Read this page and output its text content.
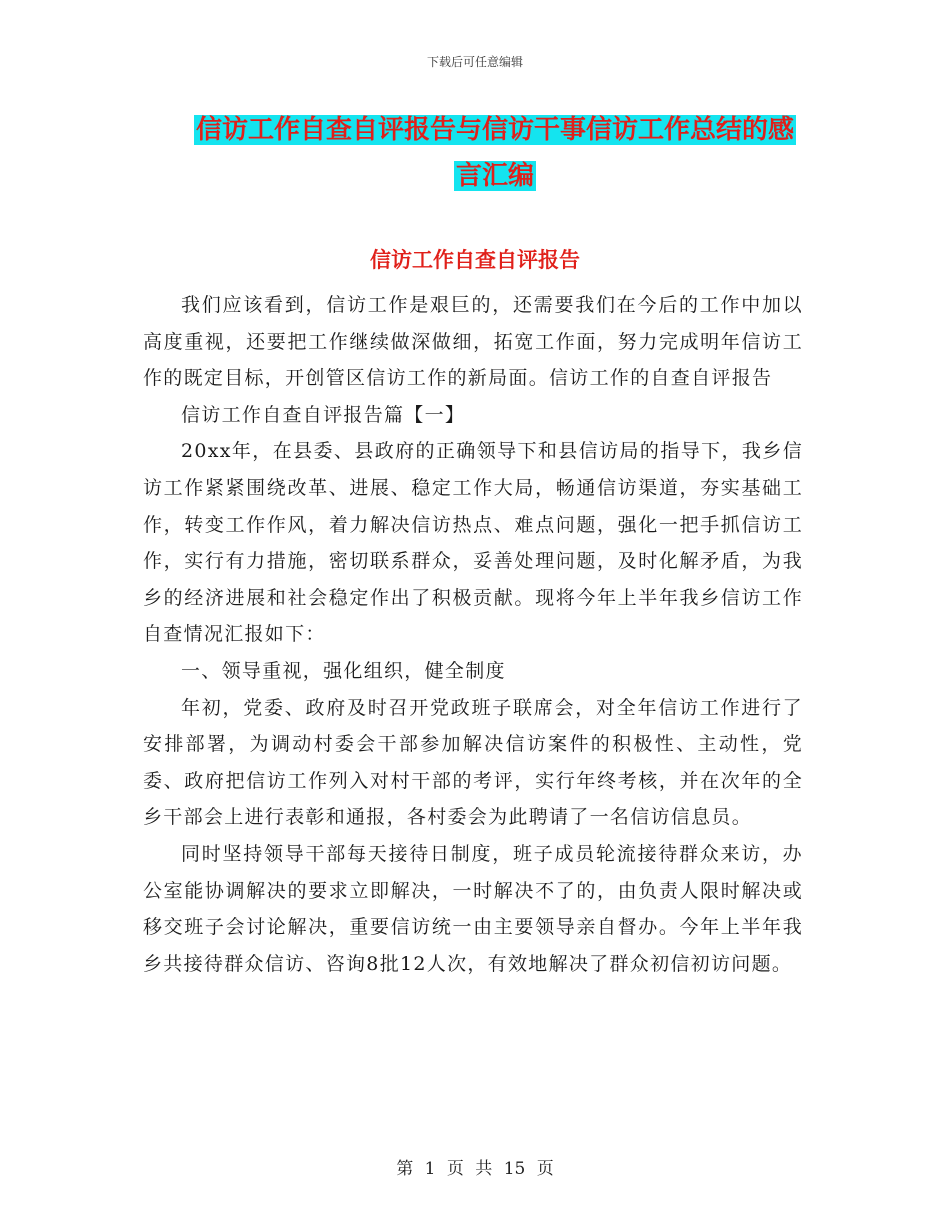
下载后可任意编辑
信访工作自查自评报告与信访干事信访工作总结的感
言汇编
信访工作自查自评报告

我们应该看到，信访工作是艰巨的，还需要我们在今后的工作中加以高度重视，还要把工作继续做深做细，拓宽工作面，努力完成明年信访工作的既定目标，开创管区信访工作的新局面。信访工作的自查自评报告

信访工作自查自评报告篇【一】

20xx年，在县委、县政府的正确领导下和县信访局的指导下，我乡信访工作紧紧围绕改革、进展、稳定工作大局，畅通信访渠道，夯实基础工作，转变工作作风，着力解决信访热点、难点问题，强化一把手抓信访工作，实行有力措施，密切联系群众，妥善处理问题，及时化解矛盾，为我乡的经济进展和社会稳定作出了积极贡献。现将今年上半年我乡信访工作自查情况汇报如下：

一、领导重视，强化组织，健全制度

年初，党委、政府及时召开党政班子联席会，对全年信访工作进行了安排部署，为调动村委会干部参加解决信访案件的积极性、主动性，党委、政府把信访工作列入对村干部的考评，实行年终考核，并在次年的全乡干部会上进行表彰和通报，各村委会为此聘请了一名信访信息员。

同时坚持领导干部每天接待日制度，班子成员轮流接待群众来访，办公室能协调解决的要求立即解决，一时解决不了的，由负责人限时解决或移交班子会讨论解决，重要信访统一由主要领导亲自督办。今年上半年我乡共接待群众信访、咨询8批12人次，有效地解决了群众初信初访问题。

第 1 页 共 15 页
